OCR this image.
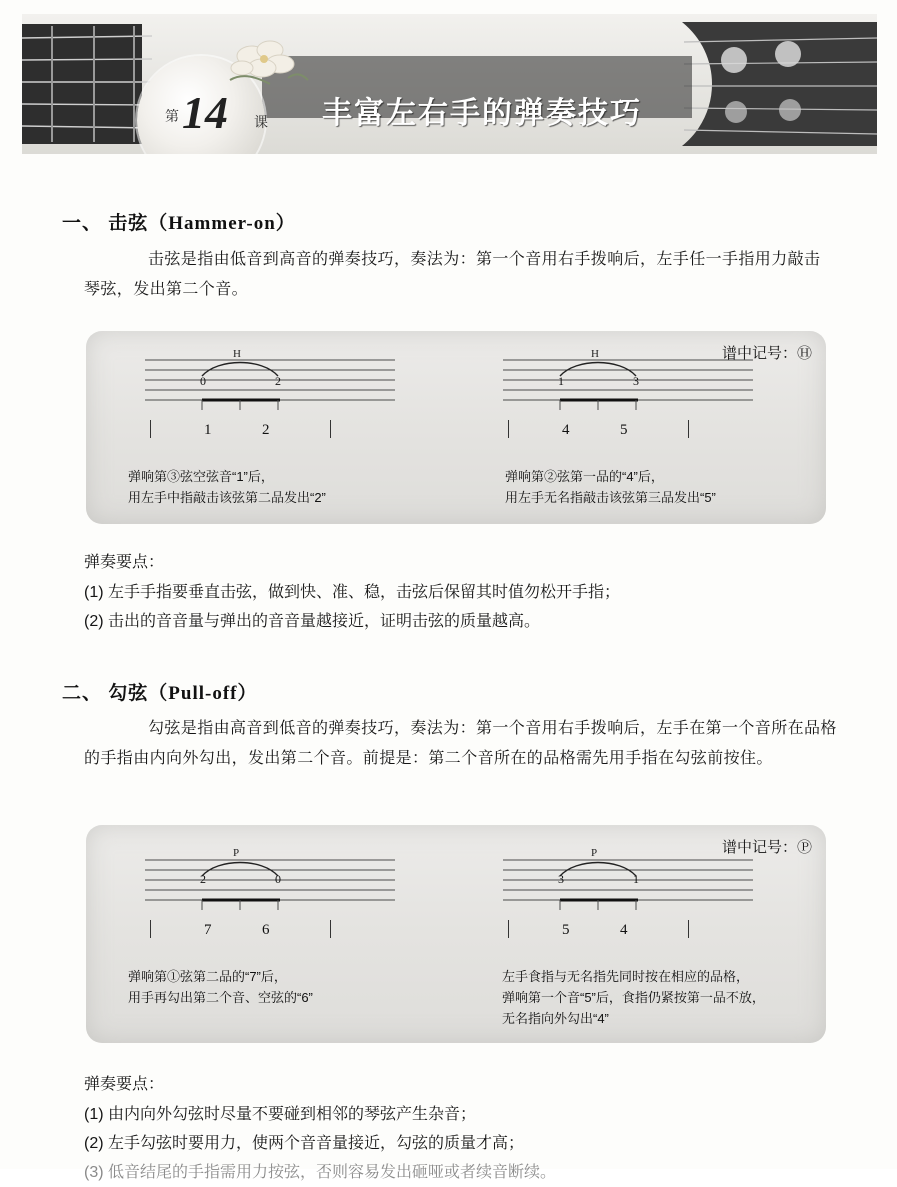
第 14 课 丰富左右手的弹奏技巧
一、 击弦（Hammer-on）
击弦是指由低音到高音的弹奏技巧，奏法为：第一个音用右手拨响后，左手任一手指用力敲击琴弦，发出第二个音。
谱中记号：Ⓗ
H
0	2
1	2
弹响第③弦空弦音“1”后，
用左手中指敲击该弦第二品发出“2”
H
1	3
4	5
弹响第②弦第一品的“4”后，
用左手无名指敲击该弦第三品发出“5”
弹奏要点：
(1) 左手手指要垂直击弦，做到快、准、稳，击弦后保留其时值勿松开手指；
(2) 击出的音音量与弹出的音音量越接近，证明击弦的质量越高。
二、 勾弦（Pull-off）
勾弦是指由高音到低音的弹奏技巧，奏法为：第一个音用右手拨响后，左手在第一个音所在品格的手指由内向外勾出，发出第二个音。前提是：第二个音所在的品格需先用手指在勾弦前按住。
谱中记号：Ⓟ
P
2	0
7	6
弹响第①弦第二品的“7”后，
用手再勾出第二个音、空弦的“6”
P
3	1
5	4
左手食指与无名指先同时按在相应的品格，
弹响第一个音“5”后，食指仍紧按第一品不放，
无名指向外勾出“4”
弹奏要点：
(1) 由内向外勾弦时尽量不要碰到相邻的琴弦产生杂音；
(2) 左手勾弦时要用力，使两个音音量接近，勾弦的质量才高；
(3) 低音结尾的手指需用力按弦，否则容易发出砸哑或者续音断续。
